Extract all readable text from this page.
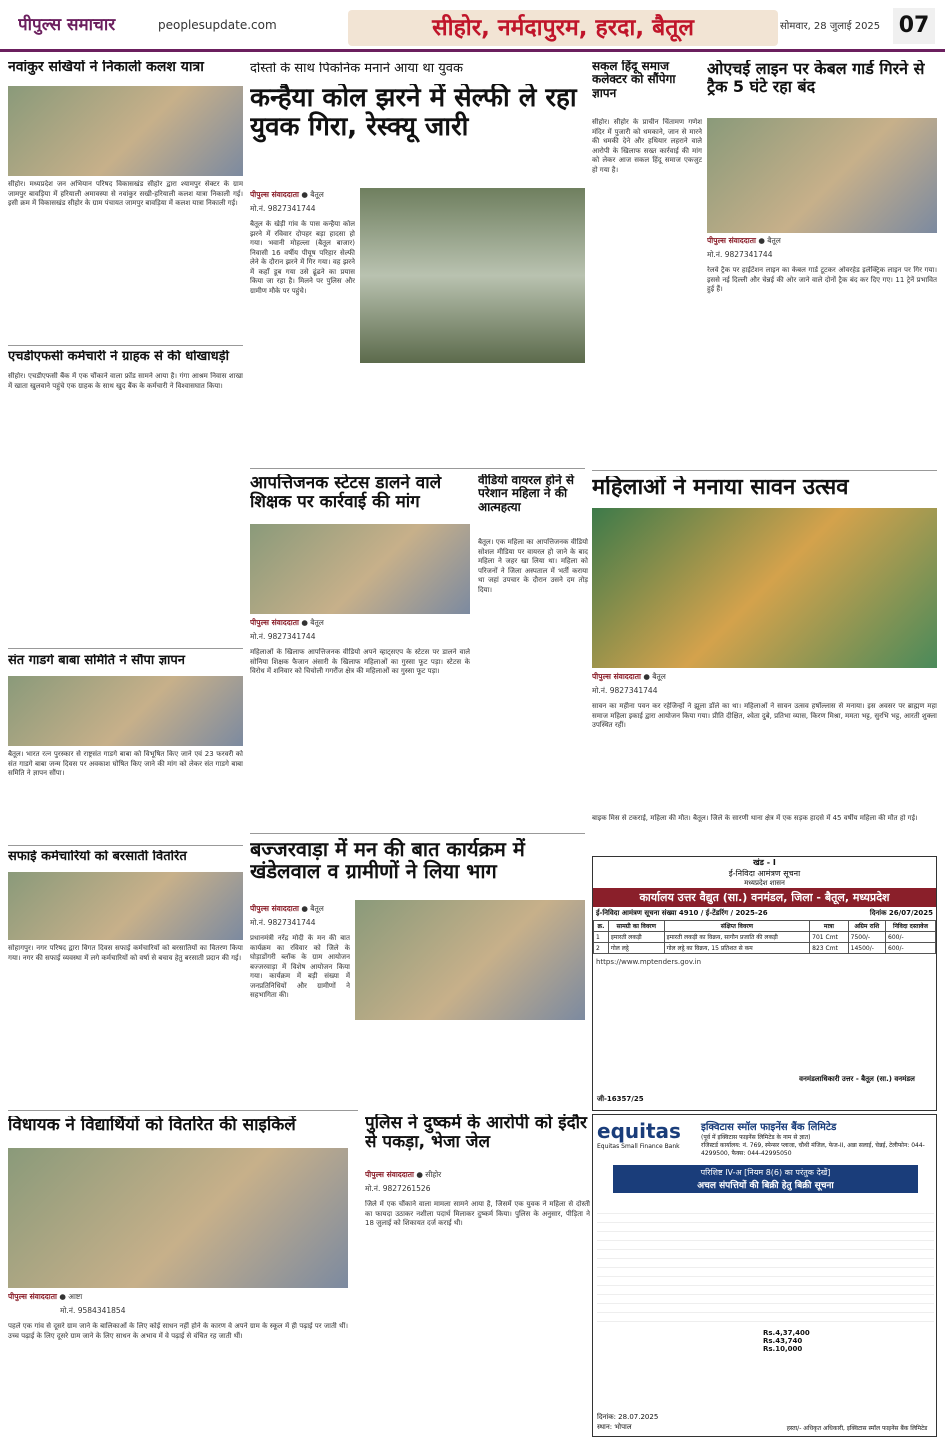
पीपुल्स समाचार	peoplesupdate.com	सीहोर, नर्मदापुरम, हरदा, बैतूल	सोमवार, 28 जुलाई 2025 07
नवांकुर सखियों ने निकाली कलश यात्रा
सीहोर। मध्यप्रदेश जन अभियान परिषद विकासखंड सीहोर द्वारा श्यामपुर सेक्टर के ग्राम जामपुर बावड़िया में हरियाली अमावस्या से नवांकुर सखी-हरियाली कलश यात्रा निकाली गई। इसी क्रम में विकासखंड सीहोर के ग्राम पंचायत जामपुर बावड़िया में कलश यात्रा निकाली गई।
एचडीएफसी कर्मचारी ने ग्राहक से की धोखाधड़ी
सीहोर। एचडीएफसी बैंक में एक चौंकाने वाला फ्रॉड सामने आया है। गंगा आश्रम निवास शाखा में खाता खुलवाने पहुंचे एक ग्राहक के साथ खुद बैंक के कर्मचारी ने विश्वासघात किया।
संत गाडगे बाबा समिति ने सौंपा ज्ञापन
बैतूल। भारत रत्न पुरस्कार से राष्ट्रसंत गाडगे बाबा को विभूषित किए जाने एवं 23 फरवरी को संत गाडगे बाबा जन्म दिवस पर अवकाश घोषित किए जाने की मांग को लेकर संत गाडगे बाबा समिति ने ज्ञापन सौंपा।
सफाई कर्मचारियों को बरसाती वितरित
सोहागपुर। नगर परिषद द्वारा विगत दिवस सफाई कर्मचारियों को बरसातियों का वितरण किया गया। नगर की सफाई व्यवस्था में लगे कर्मचारियों को वर्षा से बचाव हेतु बरसाती प्रदान की गई।
विधायक ने विद्यार्थियों को वितरित की साइकिलें
पीपुल्स संवाददाता ● आष्टा
मो.नं. 9584341854
पहले एक गांव से दूसरे ग्राम जाने के बालिकाओं के लिए कोई साधन नहीं होने के कारण वे अपने ग्राम के स्कूल में ही पढ़ाई पर जाती थीं। उच्च पढ़ाई के लिए दूसरे ग्राम जाने के लिए साधन के अभाव में वे पढ़ाई से वंचित रह जाती थीं।
दोस्तों के साथ पिकनिक मनाने आया था युवक
कन्हैया कोल झरने में सेल्फी ले रहा युवक गिरा, रेस्क्यू जारी
पीपुल्स संवाददाता ● बैतूल
मो.नं. 9827341744
बैतूल के खेड़ी गांव के पास कन्हैया कोल झरने में रविवार दोपहर बड़ा हादसा हो गया। भवानी मोहल्ला (बैतूल बाजार) निवासी 16 वर्षीय पीयूष परिहार सेल्फी लेने के दौरान झरने में गिर गया। वह झरने में कहाँ डूब गया उसे ढूंढने का प्रयास किया जा रहा है। मिलने पर पुलिस और ग्रामीण मौके पर पहुंचे।
आपत्तिजनक स्टेटस डालने वाले शिक्षक पर कार्रवाई की मांग
पीपुल्स संवाददाता ● बैतूल
मो.नं. 9827341744
महिलाओं के खिलाफ आपत्तिजनक वीडियो अपने व्हाट्सएप के स्टेटस पर डालने वाले सोनिया शिक्षक फैजान अंसारी के खिलाफ महिलाओं का गुस्सा फूट पड़ा। स्टेटस के विरोध में शनिवार को चिचोली गगरौंज क्षेत्र की महिलाओं का गुस्सा फूट पड़ा।
वीडियो वायरल होने से परेशान महिला ने की आत्महत्या
बैतूल। एक महिला का आपत्तिजनक वीडियो सोशल मीडिया पर वायरल हो जाने के बाद महिला ने जहर खा लिया था। महिला को परिजनों ने जिला अस्पताल में भर्ती कराया था जहां उपचार के दौरान उसने दम तोड़ दिया।
बज्जरवाड़ा में मन की बात कार्यक्रम में खंडेलवाल व ग्रामीणों ने लिया भाग
पीपुल्स संवाददाता ● बैतूल
मो.नं. 9827341744
प्रधानमंत्री नरेंद्र मोदी के मन की बात कार्यक्रम का रविवार को जिले के घोड़ाडोंगरी ब्लॉक के ग्राम आयोजन बज्जरवाड़ा में विशेष आयोजन किया गया। कार्यक्रम में बड़ी संख्या में जनप्रतिनिधियों और ग्रामीणों ने सहभागिता की।
पुलिस ने दुष्कर्म के आरोपी को इंदौर से पकड़ा, भेजा जेल
पीपुल्स संवाददाता ● सीहोर
मो.नं. 9827261526
जिले में एक चौंकाने वाला मामला सामने आया है, जिसमें एक युवक ने महिला से दोस्ती का फायदा उठाकर नशीला पदार्थ मिलाकर दुष्कर्म किया। पुलिस के अनुसार, पीड़िता ने 18 जुलाई को शिकायत दर्ज कराई थी।
सकल हिंदू समाज कलेक्टर को सौंपेगा ज्ञापन
सीहोर। सीहोर के प्राचीन चिंतामण गणेश मंदिर में पुजारी को धमकाने, जान से मारने की धमकी देने और हथियार लहराने वाले आरोपी के खिलाफ सख्त कार्रवाई की मांग को लेकर आज सकल हिंदू समाज एकजुट हो गया है।
ओएचई लाइन पर केबल गार्ड गिरने से ट्रैक 5 घंटे रहा बंद
पीपुल्स संवाददाता ● बैतूल
मो.नं. 9827341744
रेलवे ट्रैक पर हाईटेंशन लाइन का केबल गार्ड टूटकर ओवरहेड इलेक्ट्रिक लाइन पर गिर गया। इससे नई दिल्ली और चेन्नई की ओर जाने वाले दोनों ट्रैक बंद कर दिए गए। 11 ट्रेनें प्रभावित हुई हैं।
महिलाओं ने मनाया सावन उत्सव
पीपुल्स संवाददाता ● बैतूल
मो.नं. 9827341744
सावन का महीना पवन कर रहेजिन्हों ने झूला डॉले का था। महिलाओं ने सावन उत्सव हर्षोल्लास से मनाया। इस अवसर पर ब्राह्मण महा समाज महिला इकाई द्वारा आयोजन किया गया। प्रीति दीक्षित, श्वेता दुबे, प्रतिभा व्यास, किरण मिश्रा, ममता भट्ट, सुरभि भट्ट, आरती शुक्ला उपस्थित रहीं।
बाइक मिस से टकराई, महिला की मौत। बैतूल। जिले के सारणी थाना क्षेत्र में एक सड़क हादसे में 45 वर्षीय महिला की मौत हो गई।
खंड - I
ई-निविदा आमंत्रण सूचना
मध्यप्रदेश शासन
कार्यालय उत्तर वैद्युत (सा.) वनमंडल, जिला - बैतूल, मध्यप्रदेश
ई-निविदा आमंत्रण सूचना संख्या 4910 / ई-टेंडरिंग / 2025-26	दिनांक 26/07/2025
क्र.	सामग्री का विवरण	संक्षिप्त विवरण	मात्रा	अग्रिम राशि	निविदा दस्तावेज
1	इमारती लकड़ी	इमारती लकड़ी का विक्रय, सागौन प्रजाति की लकड़ी	701 Cmt	7500/-	600/-
2	गोल लट्ठे	गोल लट्ठे का विक्रय, 15 प्रतिशत से कम	823 Cmt	14500/-	600/-
https://www.mptenders.gov.in
वनमंडलाधिकारी उत्तर - बैतूल (सा.) वनमंडल
जी-16357/25
equitas
Equitas Small Finance Bank
इक्विटास स्मॉल फाइनेंस बैंक लिमिटेड
(पूर्व में इक्विटास फाइनेंस लिमिटेड के नाम से ज्ञात)
रजिस्टर्ड कार्यालय: नं. 769, स्पेन्सर प्लाजा, चौथी मंजिल, फेज-II, अन्ना सलाई, चेन्नई, टेलीफोन: 044-4299500, फैक्स: 044-42995050
परिशिष्ट IV-अ [नियम 8(6) का परंतुक देखें]
अचल संपत्तियों की बिक्री हेतु बिक्री सूचना
Rs.4,37,400
Rs.43,740
Rs.10,000
दिनांक: 28.07.2025
स्थान: भोपाल	हस्ता/- अधिकृत अधिकारी, इक्विटास स्मॉल फाइनेंस बैंक लिमिटेड
